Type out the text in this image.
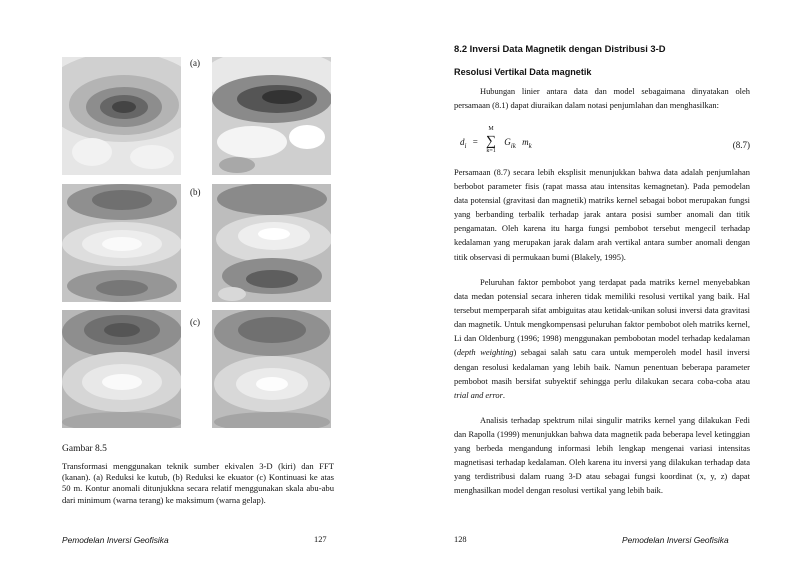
(a)
(b)
(c)
Gambar 8.5
Transformasi menggunakan teknik sumber ekivalen 3-D (kiri) dan FFT (kanan). (a) Reduksi ke kutub, (b) Reduksi ke ekuator (c) Kontinuasi ke atas 50 m. Kontur anomali ditunjukkna secara relatif menggunakan skala abu-abu dari minimum (warna terang) ke maksimum (warna gelap).
Pemodelan Inversi Geofisika	127
8.2 Inversi Data Magnetik dengan Distribusi 3-D
Resolusi Vertikal Data magnetik

Hubungan linier antara data dan model sebagaimana dinyatakan oleh persamaan (8.1) dapat diuraikan dalam notasi penjumlahan dan menghasilkan:

$d_i$ =
M
∑
k=1
$G_{ik}$ $m_k$	(8.7)

Persamaan (8.7) secara lebih eksplisit menunjukkan bahwa data adalah penjumlahan berbobot parameter fisis (rapat massa atau intensitas kemagnetan). Pada pemodelan data potensial (gravitasi dan magnetik) matriks kernel sebagai bobot merupakan fungsi yang berbanding terbalik terhadap jarak antara posisi sumber anomali dan titik pengamatan. Oleh karena itu harga fungsi pembobot tersebut mengecil terhadap kedalaman yang merupakan jarak dalam arah vertikal antara sumber anomali dengan titik observasi di permukaan bumi (Blakely, 1995).

Peluruhan faktor pembobot yang terdapat pada matriks kernel menyebabkan data medan potensial secara inheren tidak memiliki resolusi vertikal yang baik. Hal tersebut memperparah sifat ambiguitas atau ketidak-unikan solusi inversi data gravitasi dan magnetik. Untuk mengkompensasi peluruhan faktor pembobot oleh matriks kernel, Li dan Oldenburg (1996; 1998) menggunakan pembobotan model terhadap kedalaman (depth weighting) sebagai salah satu cara untuk memperoleh model hasil inversi dengan resolusi kedalaman yang lebih baik. Namun penentuan beberapa parameter pembobot masih bersifat subyektif sehingga perlu dilakukan secara coba-coba atau trial and error.

Analisis terhadap spektrum nilai singulir matriks kernel yang dilakukan Fedi dan Rapolla (1999) menunjukkan bahwa data magnetik pada beberapa level ketinggian yang berbeda mengandung informasi lebih lengkap mengenai variasi intensitas magnetisasi terhadap kedalaman. Oleh karena itu inversi yang dilakukan terhadap data yang terdistribusi dalam ruang 3-D atau sebagai fungsi koordinat (x, y, z) dapat menghasilkan model dengan resolusi vertikal yang lebih baik.

128	Pemodelan Inversi Geofisika
